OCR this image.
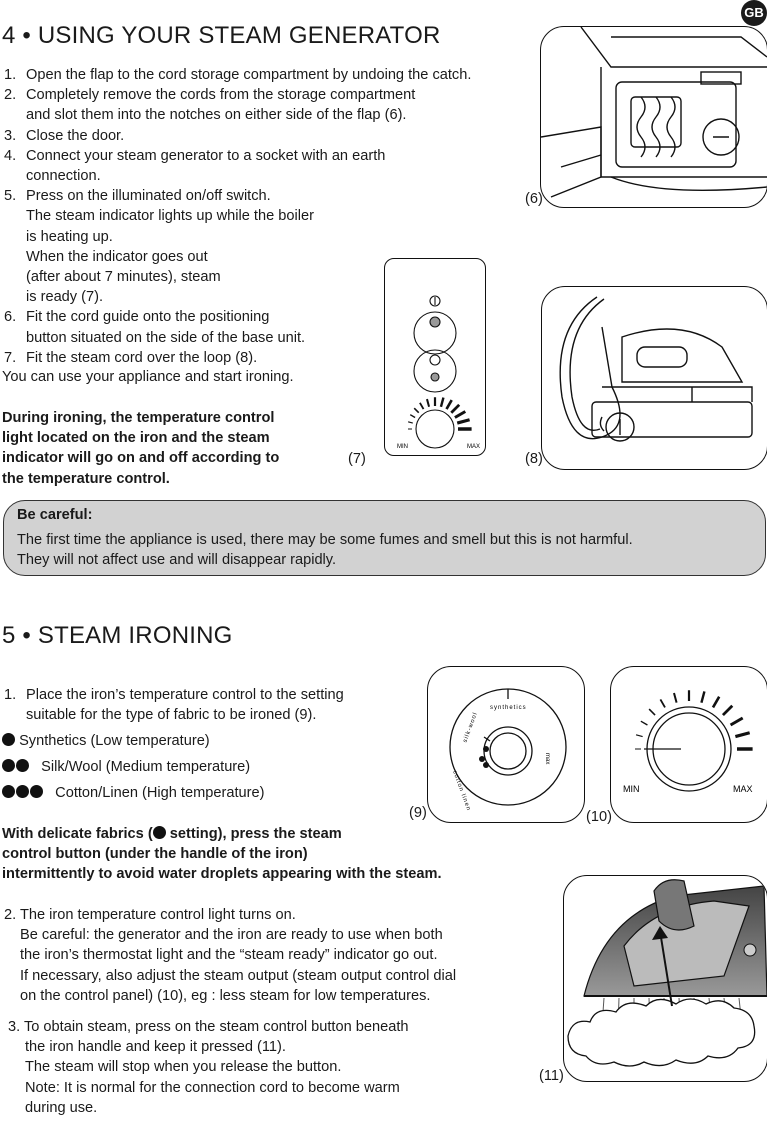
GB
4 • USING YOUR STEAM GENERATOR
1. Open the flap to the cord storage compartment by undoing the catch.
2. Completely remove the cords from the storage compartment
and slot them into the notches on either side of the flap (6).
3. Close the door.
4. Connect your steam generator to a socket with an earth
connection.
5. Press on the illuminated on/off switch.
The steam indicator lights up while the boiler
is heating up.
When the indicator goes out
(after about 7 minutes), steam
is ready (7).
6. Fit the cord guide onto the positioning
button situated on the side of the base unit.
7. Fit the steam cord over the loop (8).
You can use your appliance and start ironing.
During ironing, the temperature control
light located on the iron and the steam
indicator will go on and off according to
the temperature control.
(6)
MIN	MAX
(7)	(8)
Be careful:
The first time the appliance is used, there may be some fumes and smell but this is not harmful.
They will not affect use and will disappear rapidly.
5 • STEAM IRONING
1. Place the iron’s temperature control to the setting
suitable for the type of fabric to be ironed (9).
Synthetics (Low temperature)
Silk/Wool (Medium temperature)
Cotton/Linen (High temperature)
With delicate fabrics ( setting), press the steam
control button (under the handle of the iron)
intermittently to avoid water droplets appearing with the steam.
2. The iron temperature control light turns on.
Be careful: the generator and the iron are ready to use when both
the iron’s thermostat light and the “steam ready” indicator go out.
If necessary, also adjust the steam output (steam output control dial
on the control panel) (10), eg : less steam for low temperatures.
3. To obtain steam, press on the steam control button beneath
the iron handle and keep it pressed (11).
The steam will stop when you release the button.
Note: It is normal for the connection cord to become warm
during use.
synthetics
silk-wool
cotton linen
max
(9)
MIN	MAX
(10)
(11)
